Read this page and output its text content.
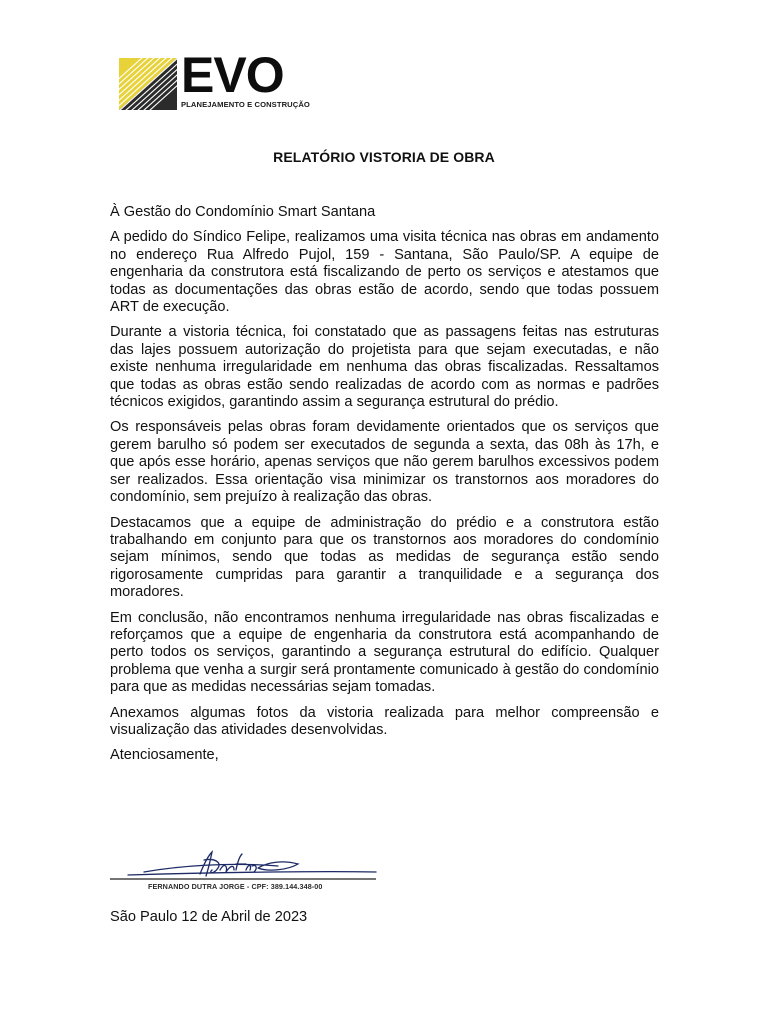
EVO
PLANEJAMENTO E CONSTRUÇÃO
RELATÓRIO VISTORIA DE OBRA

À Gestão do Condomínio Smart Santana

A pedido do Síndico Felipe, realizamos uma visita técnica nas obras em andamento no endereço Rua Alfredo Pujol, 159 - Santana, São Paulo/SP. A equipe de engenharia da construtora está fiscalizando de perto os serviços e atestamos que todas as documentações das obras estão de acordo, sendo que todas possuem ART de execução.

Durante a vistoria técnica, foi constatado que as passagens feitas nas estruturas das lajes possuem autorização do projetista para que sejam executadas, e não existe nenhuma irregularidade em nenhuma das obras fiscalizadas. Ressaltamos que todas as obras estão sendo realizadas de acordo com as normas e padrões técnicos exigidos, garantindo assim a segurança estrutural do prédio.

Os responsáveis pelas obras foram devidamente orientados que os serviços que gerem barulho só podem ser executados de segunda a sexta, das 08h às 17h, e que após esse horário, apenas serviços que não gerem barulhos excessivos podem ser realizados. Essa orientação visa minimizar os transtornos aos moradores do condomínio, sem prejuízo à realização das obras.

Destacamos que a equipe de administração do prédio e a construtora estão trabalhando em conjunto para que os transtornos aos moradores do condomínio sejam mínimos, sendo que todas as medidas de segurança estão sendo rigorosamente cumpridas para garantir a tranquilidade e a segurança dos moradores.

Em conclusão, não encontramos nenhuma irregularidade nas obras fiscalizadas e reforçamos que a equipe de engenharia da construtora está acompanhando de perto todos os serviços, garantindo a segurança estrutural do edifício. Qualquer problema que venha a surgir será prontamente comunicado à gestão do condomínio para que as medidas necessárias sejam tomadas.

Anexamos algumas fotos da vistoria realizada para melhor compreensão e visualização das atividades desenvolvidas.

Atenciosamente,

FERNANDO DUTRA JORGE - CPF: 389.144.348-00
São Paulo 12 de Abril de 2023
